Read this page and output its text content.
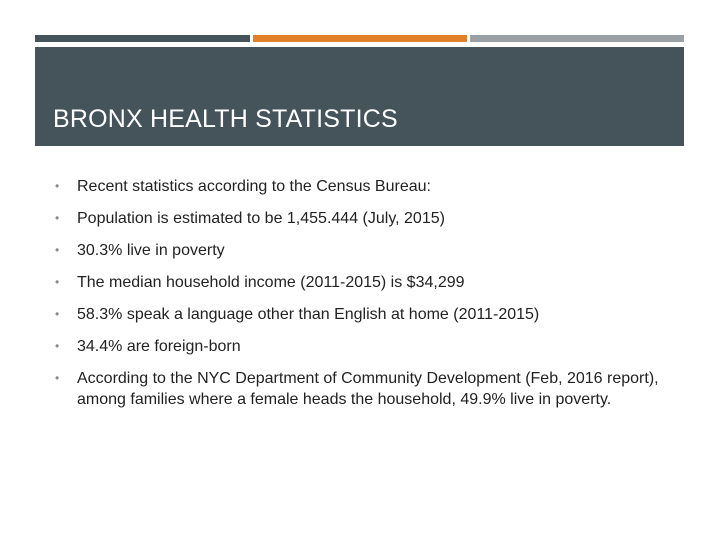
BRONX HEALTH STATISTICS
• Recent statistics according to the Census Bureau:
• Population is estimated to be 1,455.444 (July, 2015)
• 30.3% live in poverty
• The median household income (2011-2015) is $34,299
• 58.3% speak a language other than English at home (2011-2015)
• 34.4% are foreign-born
• According to the NYC Department of Community Development (Feb, 2016 report), among families where a female heads the household, 49.9% live in poverty.
